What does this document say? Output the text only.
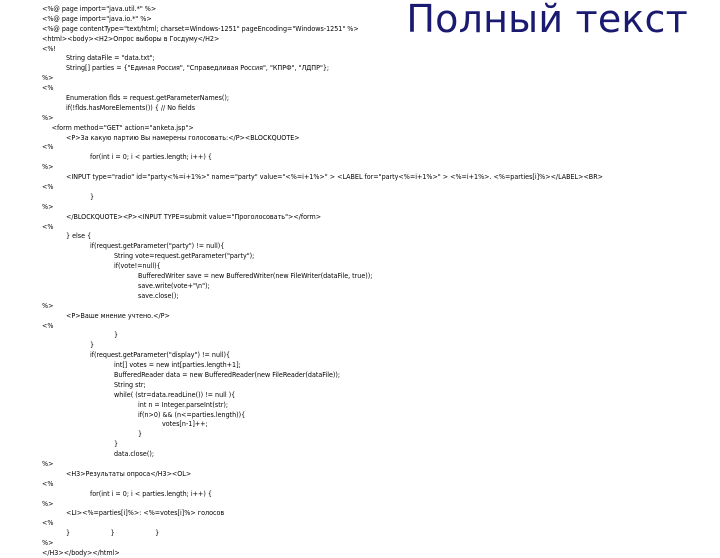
Полный текст
<%@ page import="java.util.*" %>
<%@ page import="java.io.*" %>
<%@ page contentType="text/html; charset=Windows-1251" pageEncoding="Windows-1251" %>
<html><body><H2>Опрос выборы в Госдуму</H2>
<%!
String dataFile = "data.txt";
String[] parties = {"Единая Россия", "Справедливая Россия", "КПРФ", "ЛДПР"};
%>
<%
Enumeration flds = request.getParameterNames();
if(!flds.hasMoreElements()) { // No fields
%>
<form method="GET" action="anketa.jsp">
<P>За какую партию Вы намерены голосовать:</P><BLOCKQUOTE>
<%
for(int i = 0; i < parties.length; i++) {
%>
<INPUT type="radio" id="party<%=i+1%>" name="party" value="<%=i+1%>" > <LABEL for="party<%=i+1%>" > <%=i+1%>. <%=parties[i]%></LABEL><BR>
<%
}
%>
</BLOCKQUOTE><P><INPUT TYPE=submit value="Проголосовать"></form>
<%
} else {
if(request.getParameter("party") != null){
String vote=request.getParameter("party");
if(vote!=null){
BufferedWriter save = new BufferedWriter(new FileWriter(dataFile, true));
save.write(vote+"\n");
save.close();
%>
<P>Ваше мнение учтено.</P>
<%
}
}
if(request.getParameter("display") != null){
int[] votes = new int[parties.length+1];
BufferedReader data = new BufferedReader(new FileReader(dataFile));
String str;
while( (str=data.readLine()) != null ){
int n = Integer.parseInt(str);
if(n>0) && (n<=parties.length)){
votes[n-1]++;
}
}
data.close();
%>
<H3>Результаты опроса</H3><OL>
<%
for(int i = 0; i < parties.length; i++) {
%>
<LI><%=parties[i]%>: <%=votes[i]%> голосов
<%
}                    }                    }
%>
</H3></body></html>
